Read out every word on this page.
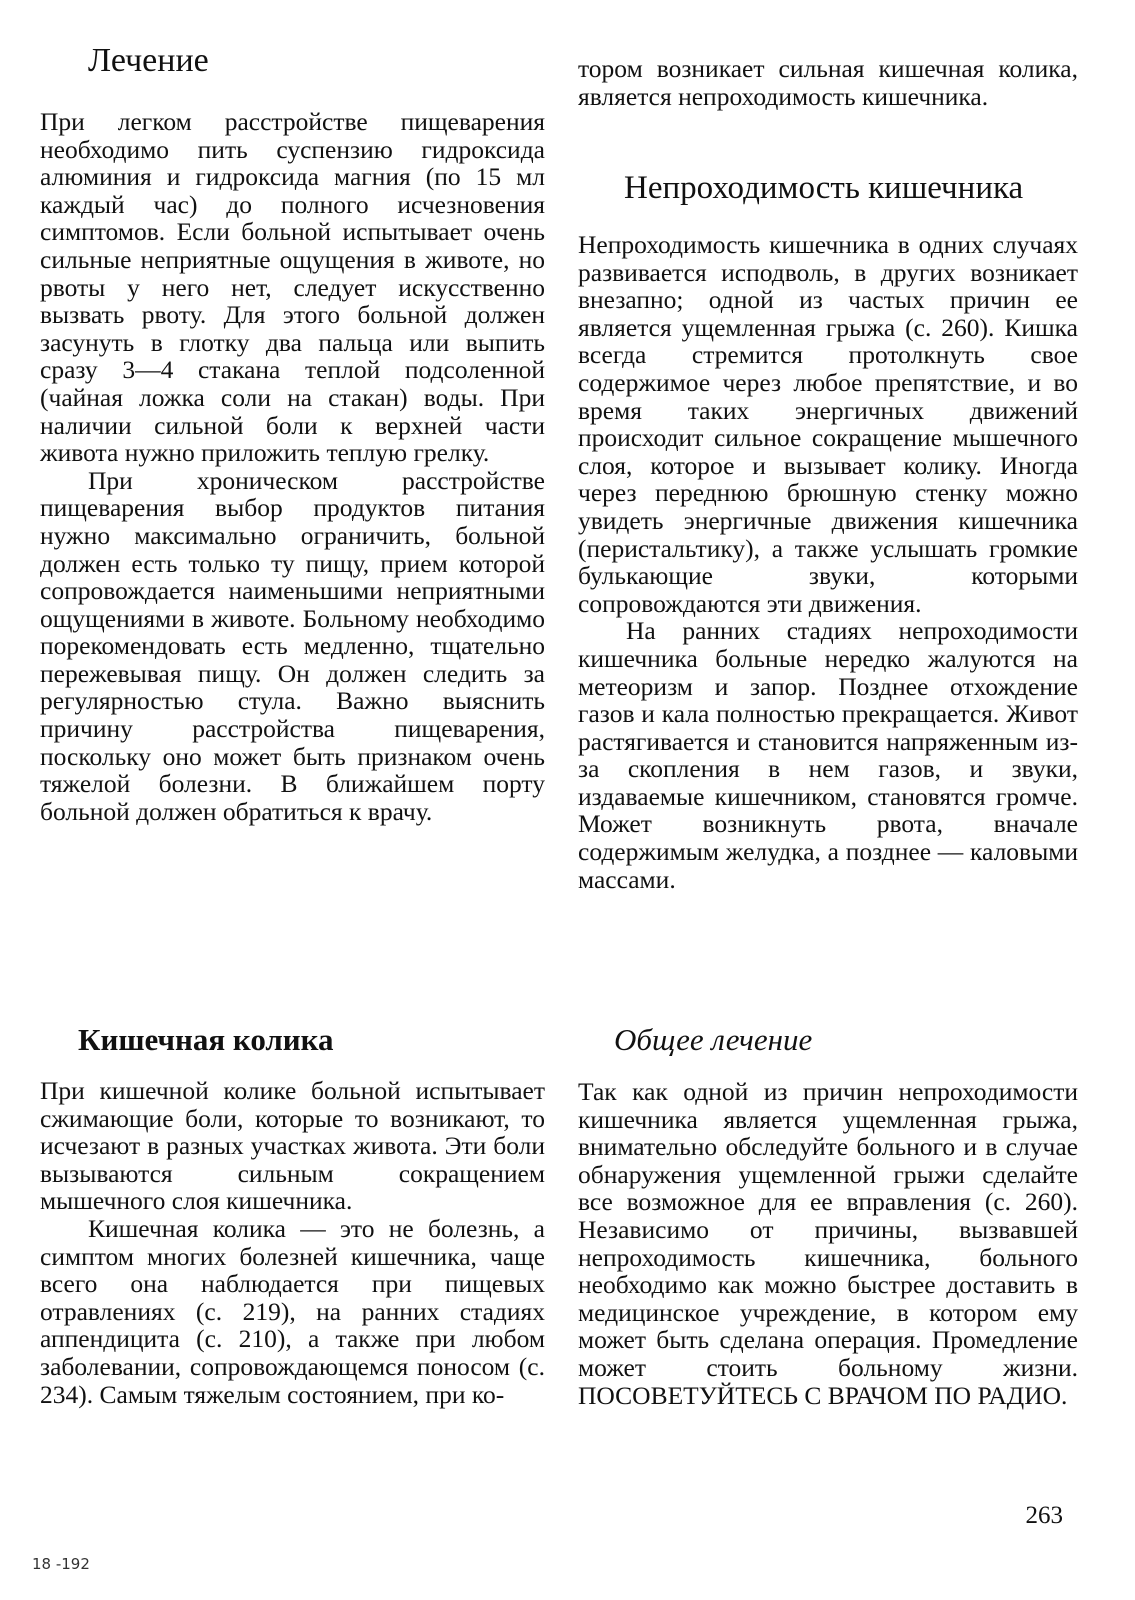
Лечение

При легком расстройстве пищеварения необходимо пить суспензию гидроксида алюминия и гидроксида магния (по 15 мл каждый час) до полного исчезновения симптомов. Если больной испытывает очень сильные неприятные ощущения в животе, но рвоты у него нет, следует искусственно вызвать рвоту. Для этого больной должен засунуть в глотку два пальца или выпить сразу 3—4 стакана теплой подсоленной (чайная ложка соли на стакан) воды. При наличии сильной боли к верхней части живота нужно приложить теплую грелку.

При хроническом расстройстве пищеварения выбор продуктов питания нужно максимально ограничить, больной должен есть только ту пищу, прием которой сопровождается наименьшими неприятными ощущениями в животе. Больному необходимо порекомендовать есть медленно, тщательно пережевывая пищу. Он должен следить за регулярностью стула. Важно выяснить причину расстройства пищеварения, поскольку оно может быть признаком очень тяжелой болезни. В ближайшем порту больной должен обратиться к врачу.

Кишечная колика

При кишечной колике больной испытывает сжимающие боли, которые то возникают, то исчезают в разных участках живота. Эти боли вызываются сильным сокращением мышечного слоя кишечника.

Кишечная колика — это не болезнь, а симптом многих болезней кишечника, чаще всего она наблюдается при пищевых отравлениях (с. 219), на ранних стадиях аппендицита (с. 210), а также при любом заболевании, сопровождающемся поносом (с. 234). Самым тяжелым состоянием, при ко-

тором возникает сильная кишечная колика, является непроходимость кишечника.

Непроходимость кишечника

Непроходимость кишечника в одних случаях развивается исподволь, в других возникает внезапно; одной из частых причин ее является ущемленная грыжа (с. 260). Кишка всегда стремится протолкнуть свое содержимое через любое препятствие, и во время таких энергичных движений происходит сильное сокращение мышечного слоя, которое и вызывает колику. Иногда через переднюю брюшную стенку можно увидеть энергичные движения кишечника (перистальтику), а также услышать громкие булькающие звуки, которыми сопровождаются эти движения.

На ранних стадиях непроходимости кишечника больные нередко жалуются на метеоризм и запор. Позднее отхождение газов и кала полностью прекращается. Живот растягивается и становится напряженным из-за скопления в нем газов, и звуки, издаваемые кишечником, становятся громче. Может возникнуть рвота, вначале содержимым желудка, а позднее — каловыми массами.

Общее лечение

Так как одной из причин непроходимости кишечника является ущемленная грыжа, внимательно обследуйте больного и в случае обнаружения ущемленной грыжи сделайте все возможное для ее вправления (с. 260). Независимо от причины, вызвавшей непроходимость кишечника, больного необходимо как можно быстрее доставить в медицинское учреждение, в котором ему может быть сделана операция. Промедление может стоить больному жизни. ПОСОВЕТУЙТЕСЬ С ВРАЧОМ ПО РАДИО.

263
18 -192
